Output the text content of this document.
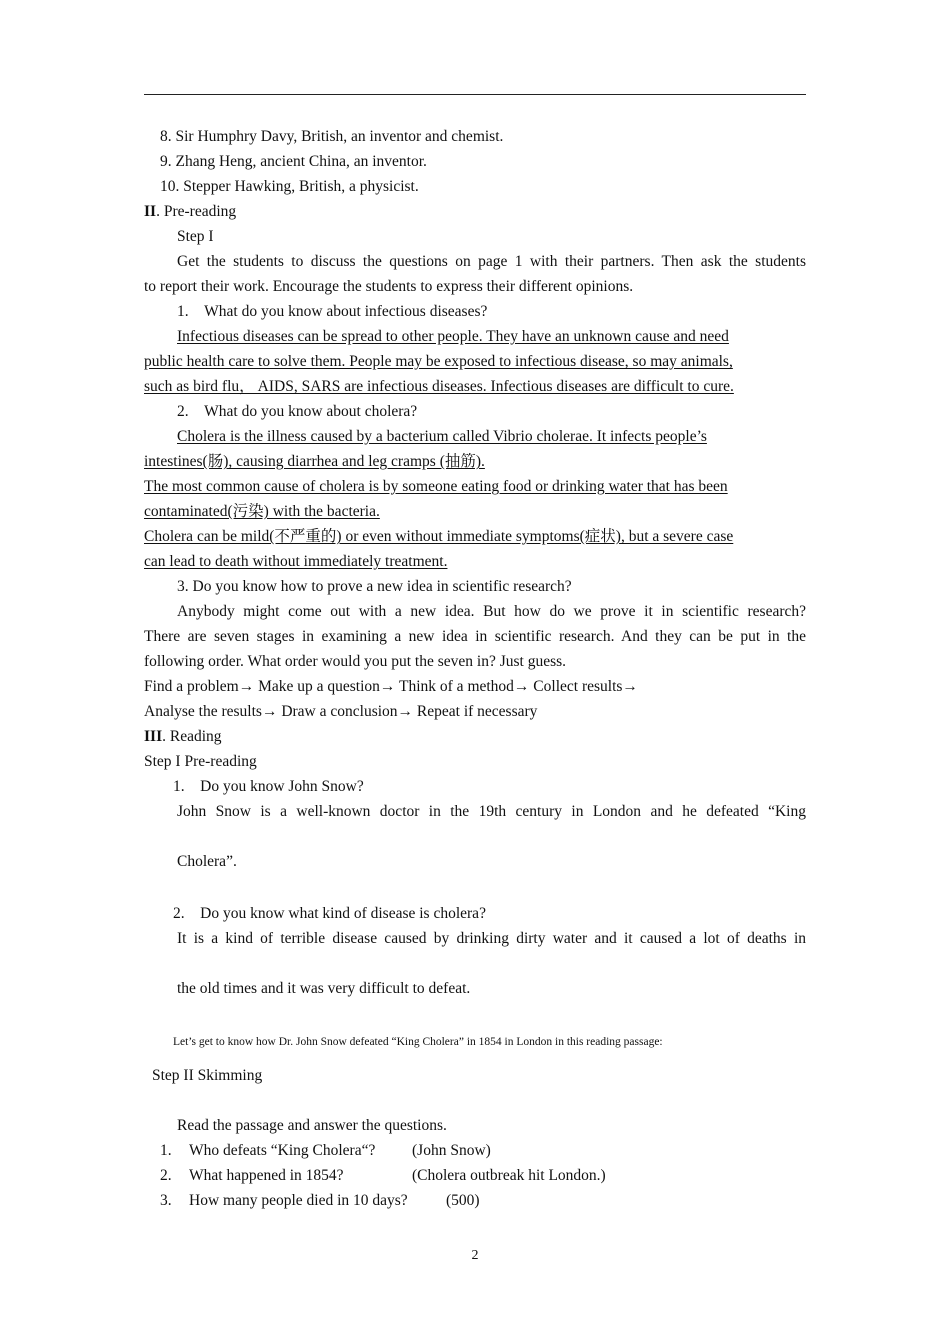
8. Sir Humphry Davy, British, an inventor and chemist.
9. Zhang Heng, ancient China, an inventor.
10. Stepper Hawking, British, a physicist.
II. Pre-reading
Step I
Get the students to discuss the questions on page 1 with their partners. Then ask the students
to report their work. Encourage the students to express their different opinions.
1. What do you know about infectious diseases?
Infectious diseases can be spread to other people. They have an unknown cause and need
public health care to solve them. People may be exposed to infectious disease, so may animals,
such as bird flu， AIDS, SARS are infectious diseases. Infectious diseases are difficult to cure.
2. What do you know about cholera?
Cholera is the illness caused by a bacterium called Vibrio cholerae. It infects people’s
intestines(肠), causing diarrhea and leg cramps (抽筋).
The most common cause of cholera is by someone eating food or drinking water that has been
contaminated(污染) with the bacteria.
Cholera can be mild(不严重的) or even without immediate symptoms(症状), but a severe case
can lead to death without immediately treatment.
3. Do you know how to prove a new idea in scientific research?
Anybody might come out with a new idea. But how do we prove it in scientific research?
There are seven stages in examining a new idea in scientific research. And they can be put in the
following order. What order would you put the seven in? Just guess.
Find a problem→ Make up a question→ Think of a method→ Collect results→
Analyse the results→ Draw a conclusion→ Repeat if necessary
III. Reading
Step I Pre-reading
1. Do you know John Snow?
John Snow is a well-known doctor in the 19th century in London and he defeated “King
Cholera”.
2. Do you know what kind of disease is cholera?
It is a kind of terrible disease caused by drinking dirty water and it caused a lot of deaths in
the old times and it was very difficult to defeat.
Let’s get to know how Dr. John Snow defeated “King Cholera” in 1854 in London in this reading passage:
Step II Skimming
Read the passage and answer the questions.
1. Who defeats “King Cholera“? (John Snow)
2. What happened in 1854?	(Cholera outbreak hit London.)
3. How many people died in 10 days? (500)
2
